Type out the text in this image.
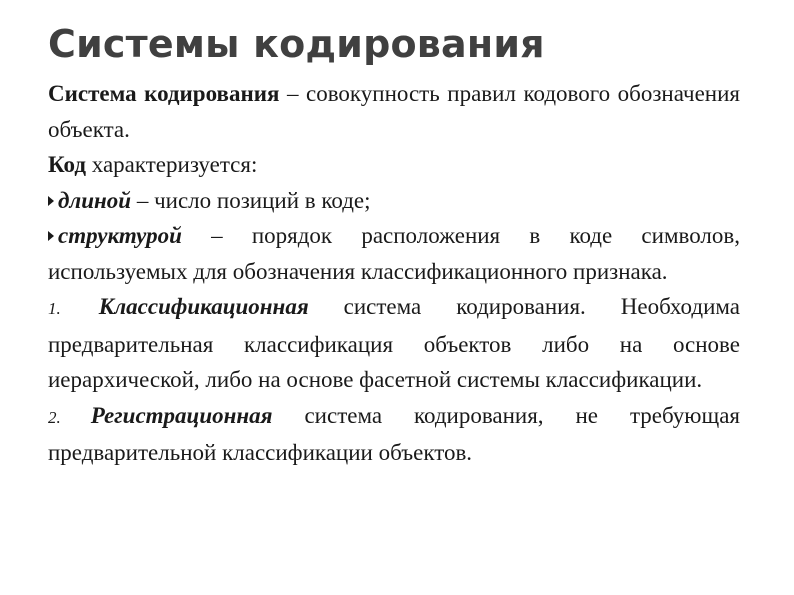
Системы кодирования

Система кодирования – совокупность правил кодового обозначения объекта.

Код характеризуется:

длиной – число позиций в коде;

структурой – порядок расположения в коде символов, используемых для обозначения классификационного признака.

1. Классификационная система кодирования. Необходима предварительная классификация объектов либо на основе иерархической, либо на основе фасетной системы классификации.

2. Регистрационная система кодирования, не требующая предварительной классификации объектов.
